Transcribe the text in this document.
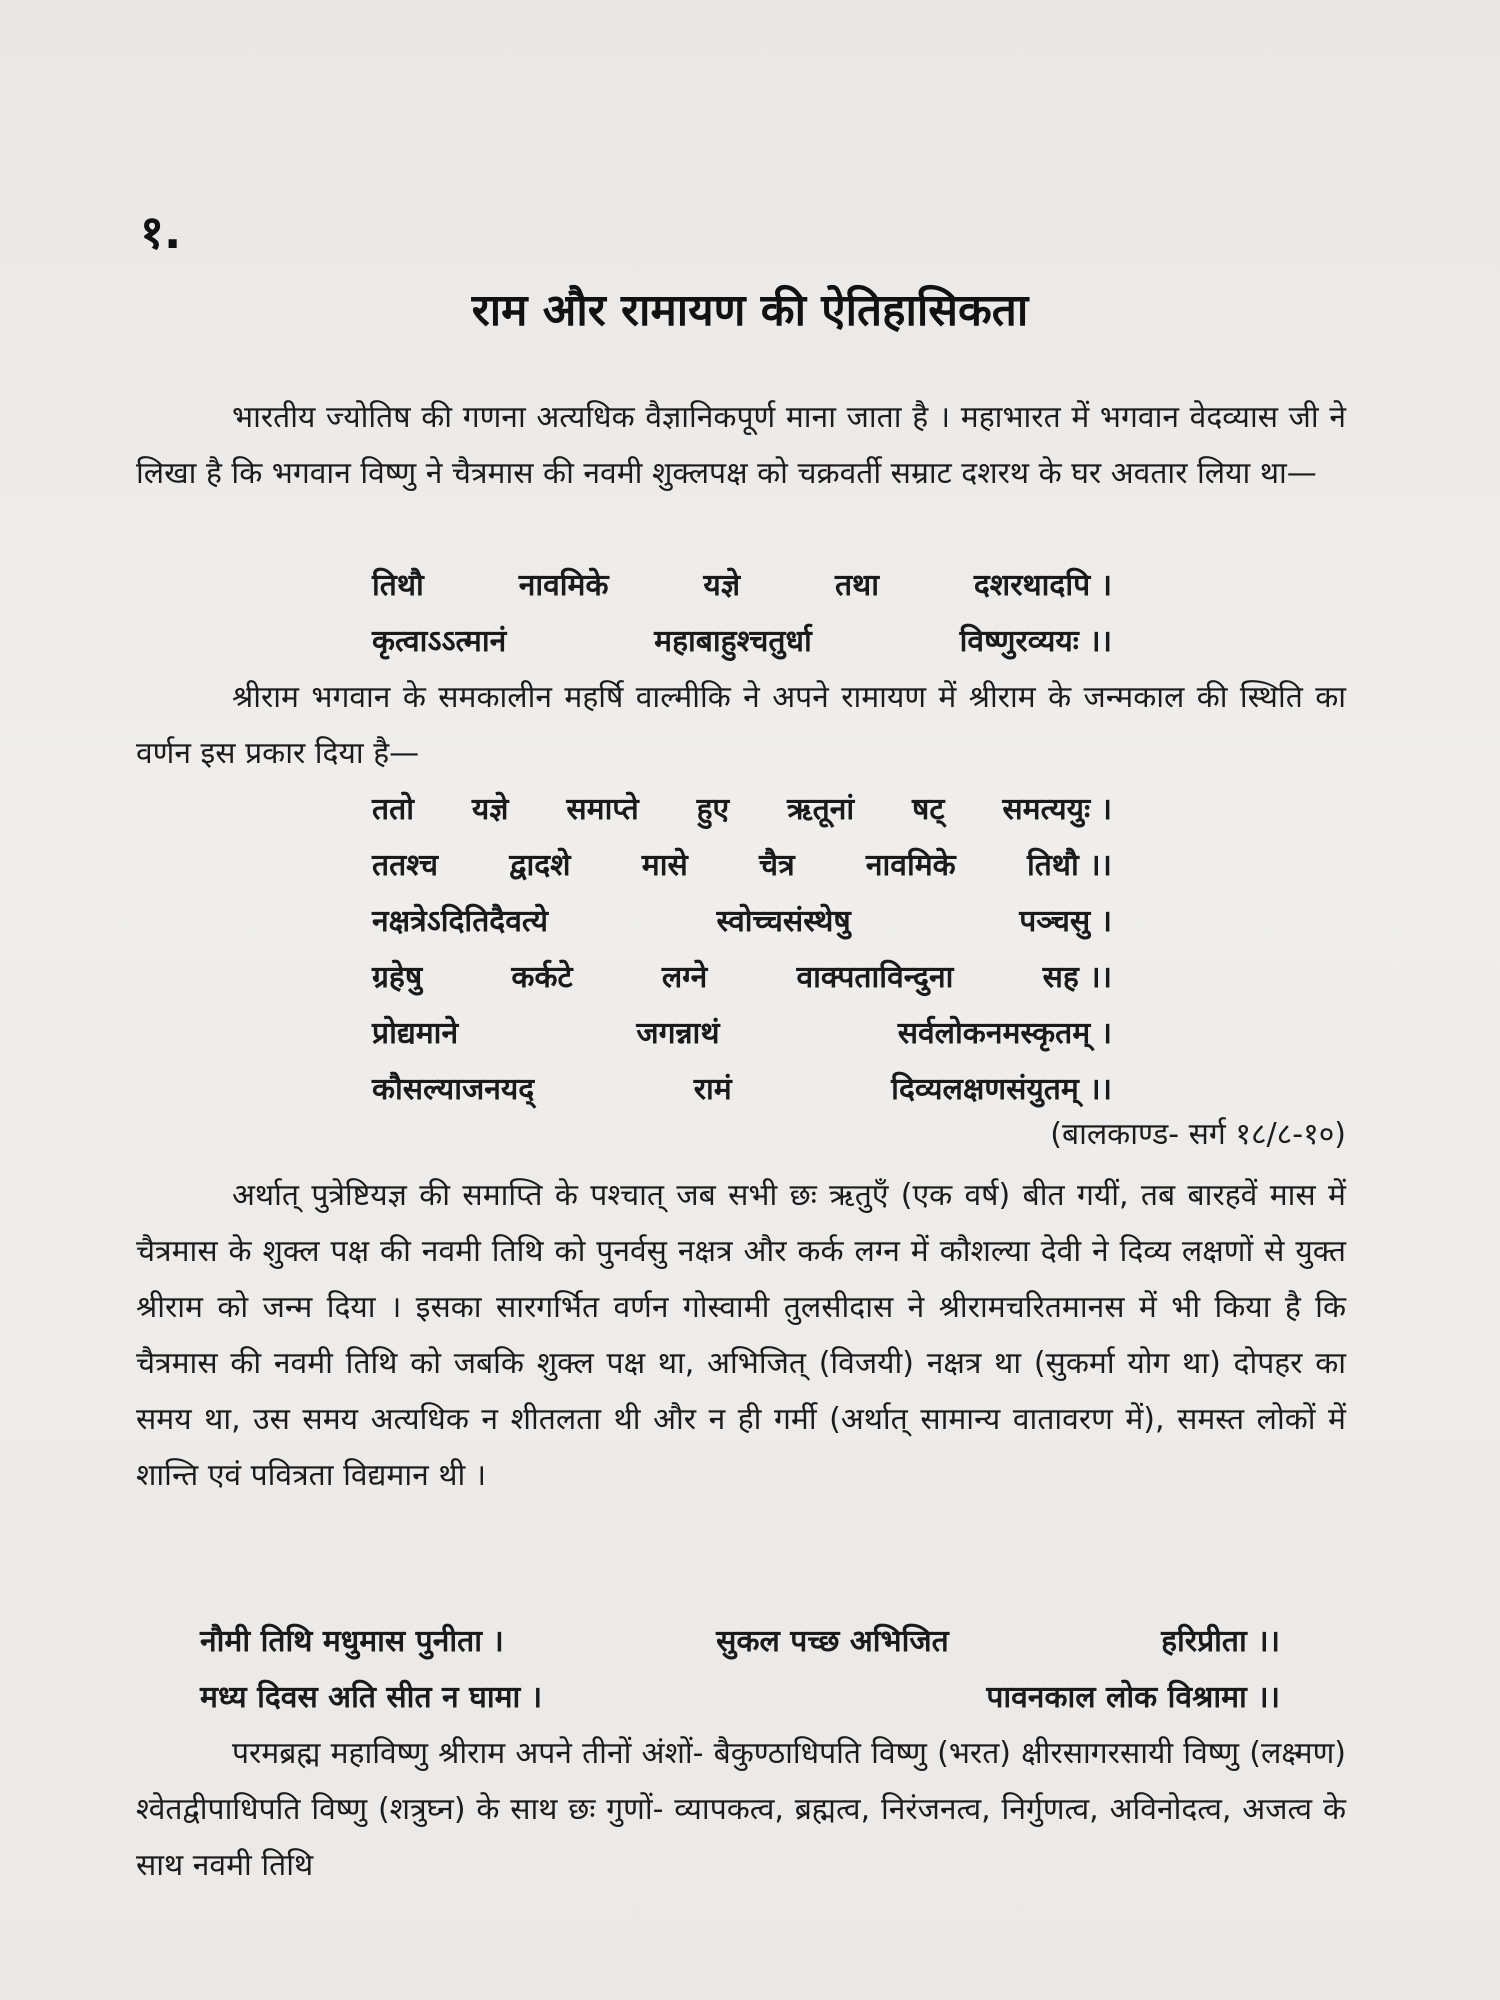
१.
राम और रामायण की ऐतिहासिकता
भारतीय ज्योतिष की गणना अत्यधिक वैज्ञानिकपूर्ण माना जाता है । महाभारत में भगवान वेदव्यास जी ने लिखा है कि भगवान विष्णु ने चैत्रमास की नवमी शुक्लपक्ष को चक्रवर्ती सम्राट दशरथ के घर अवतार लिया था—
तिथौ	नावमिके	यज्ञे	तथा	दशरथादपि ।
कृत्वाऽऽत्मानं	महाबाहुश्चतुर्धा	विष्णुरव्ययः ।।
श्रीराम भगवान के समकालीन महर्षि वाल्मीकि ने अपने रामायण में श्रीराम के जन्मकाल की स्थिति का वर्णन इस प्रकार दिया है—
ततो यज्ञे समाप्ते हुए ऋतूनां षट् समत्ययुः ।
ततश्च द्वादशे मासे चैत्र नावमिके तिथौ ।।
नक्षत्रेऽदितिदैवत्ये	स्वोच्चसंस्थेषु	पञ्चसु ।
ग्रहेषु	कर्कटे	लग्ने	वाक्पताविन्दुना	सह ।।
प्रोद्यमाने	जगन्नाथं	सर्वलोकनमस्कृतम् ।
कौसल्याजनयद्	रामं	दिव्यलक्षणसंयुतम् ।।
(बालकाण्ड- सर्ग १८/८-१०)
अर्थात् पुत्रेष्टियज्ञ की समाप्ति के पश्चात् जब सभी छः ऋतुएँ (एक वर्ष) बीत गयीं, तब बारहवें मास में चैत्रमास के शुक्ल पक्ष की नवमी तिथि को पुनर्वसु नक्षत्र और कर्क लग्न में कौशल्या देवी ने दिव्य लक्षणों से युक्त श्रीराम को जन्म दिया । इसका सारगर्भित वर्णन गोस्वामी तुलसीदास ने श्रीरामचरितमानस में भी किया है कि चैत्रमास की नवमी तिथि को जबकि शुक्ल पक्ष था, अभिजित् (विजयी) नक्षत्र था (सुकर्मा योग था) दोपहर का समय था, उस समय अत्यधिक न शीतलता थी और न ही गर्मी (अर्थात् सामान्य वातावरण में), समस्त लोकों में शान्ति एवं पवित्रता विद्यमान थी ।
नौमी तिथि मधुमास पुनीता ।	सुकल पच्छ अभिजित	हरिप्रीता ।।
मध्य दिवस अति सीत न घामा ।	पावनकाल लोक विश्रामा ।।
परमब्रह्म महाविष्णु श्रीराम अपने तीनों अंशों- बैकुण्ठाधिपति विष्णु (भरत) क्षीरसागरसायी विष्णु (लक्ष्मण) श्वेतद्वीपाधिपति विष्णु (शत्रुघ्न) के साथ छः गुणों- व्यापकत्व, ब्रह्मत्व, निरंजनत्व, निर्गुणत्व, अविनोदत्व, अजत्व के साथ नवमी तिथि
